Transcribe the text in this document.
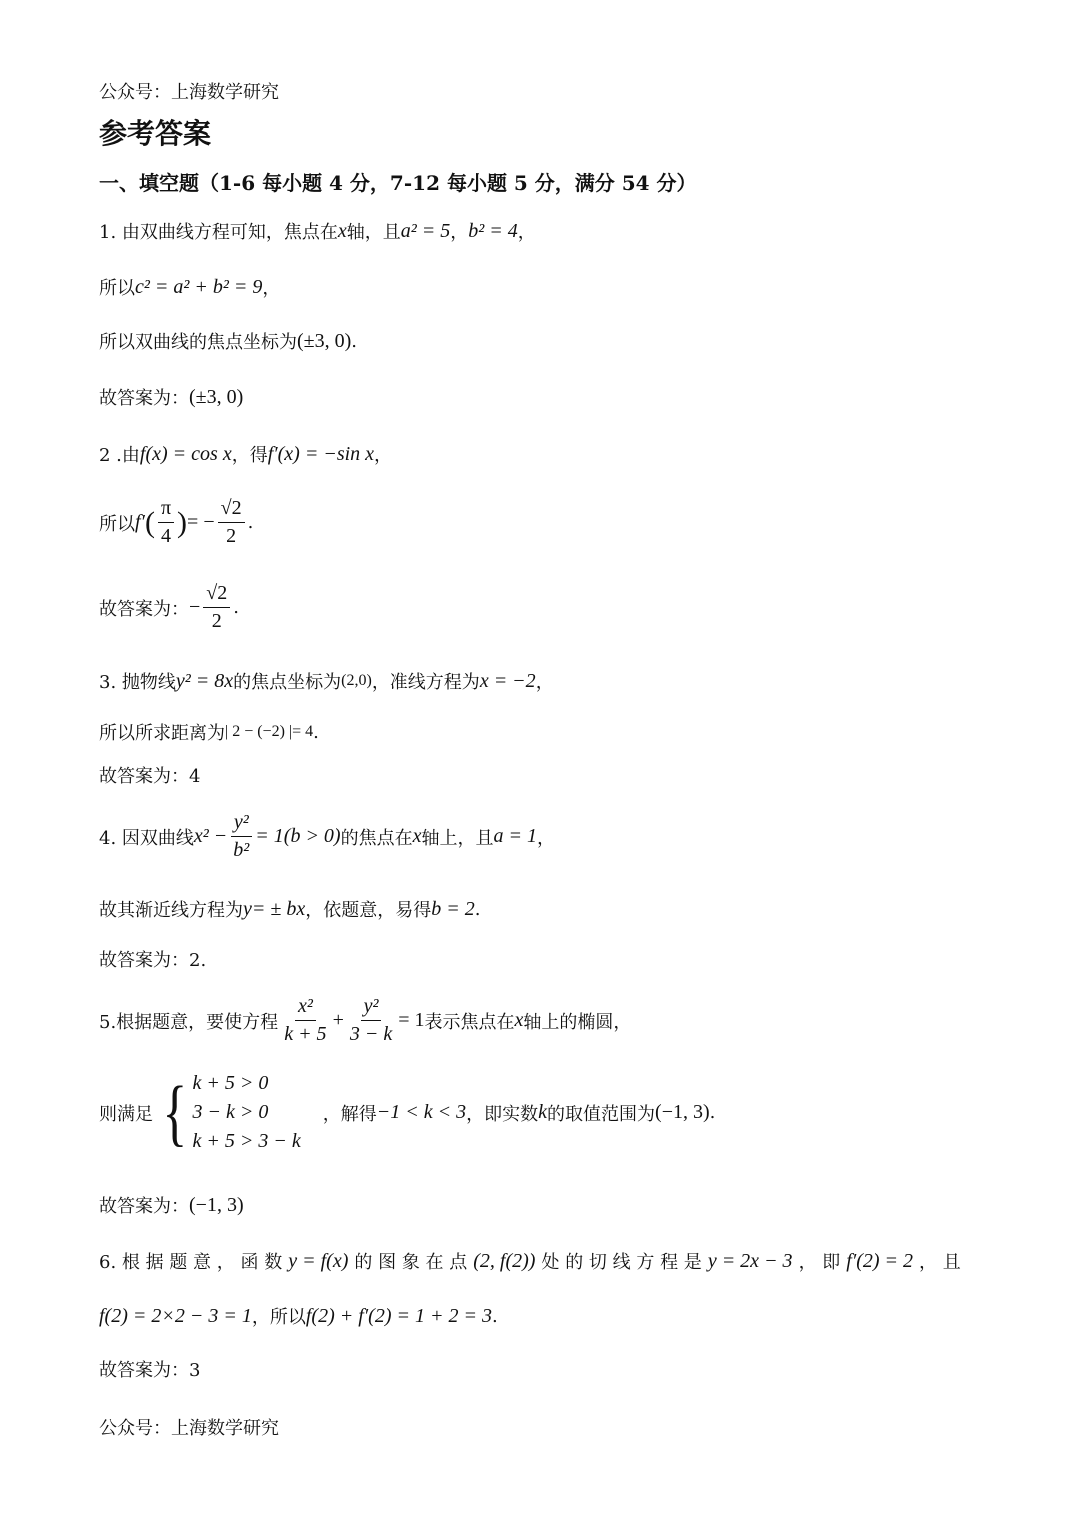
公众号：上海数学研究
参考答案
一、填空题（1-6 每小题 4 分，7-12 每小题 5 分，满分 54 分）
1. 由双曲线方程可知，焦点在 x 轴，且 a² = 5 ， b² = 4 ，
所以 c² = a² + b² = 9 ，
所以双曲线的焦点坐标为 (±3, 0) .
故答案为： (±3, 0)
2 .由 f(x) = cos x ，得 f′(x) = −sin x ，
所以 f′ ( $\frac{\pi}{4}$ ) = − $\frac{√2}{2}$ .
故答案为： − $\frac{√2}{2}$ .
3. 抛物线 y² = 8x 的焦点坐标为 (2,0) ，准线方程为 x = −2 ，
所以所求距离为 | 2 − (−2) |= 4 .
故答案为：4
4. 因双曲线 $x^2 - \frac{\text{y²}}{\text{b²}} = 1(b > 0)$ 的焦点在 x 轴上，且 a = 1 ，
故其渐近线方程为 y= ± bx ，依题意，易得 b = 2 .
故答案为：2.
5.根据题意，要使方程 $\frac{\text{x²}}{k + 5} + \frac{\text{y²}}{3 - k} = 1$ 表示焦点在 x 轴上的椭圆，
则满足 { k + 5 > 0
3 − k > 0
k + 5 > 3 − k
，解得 −1 < k < 3 ，即实数 k 的取值范围为 (−1, 3) .
故答案为： (−1, 3)
6. 根 据 题 意 ， 函 数 y = f(x) 的 图 象 在 点 (2, f(2)) 处 的 切 线 方 程 是 y = 2x − 3 ， 即 f′(2) = 2 ， 且
f(2) = 2×2 − 3 = 1 ，所以 f(2) + f′(2) = 1 + 2 = 3 .
故答案为：3
公众号：上海数学研究
